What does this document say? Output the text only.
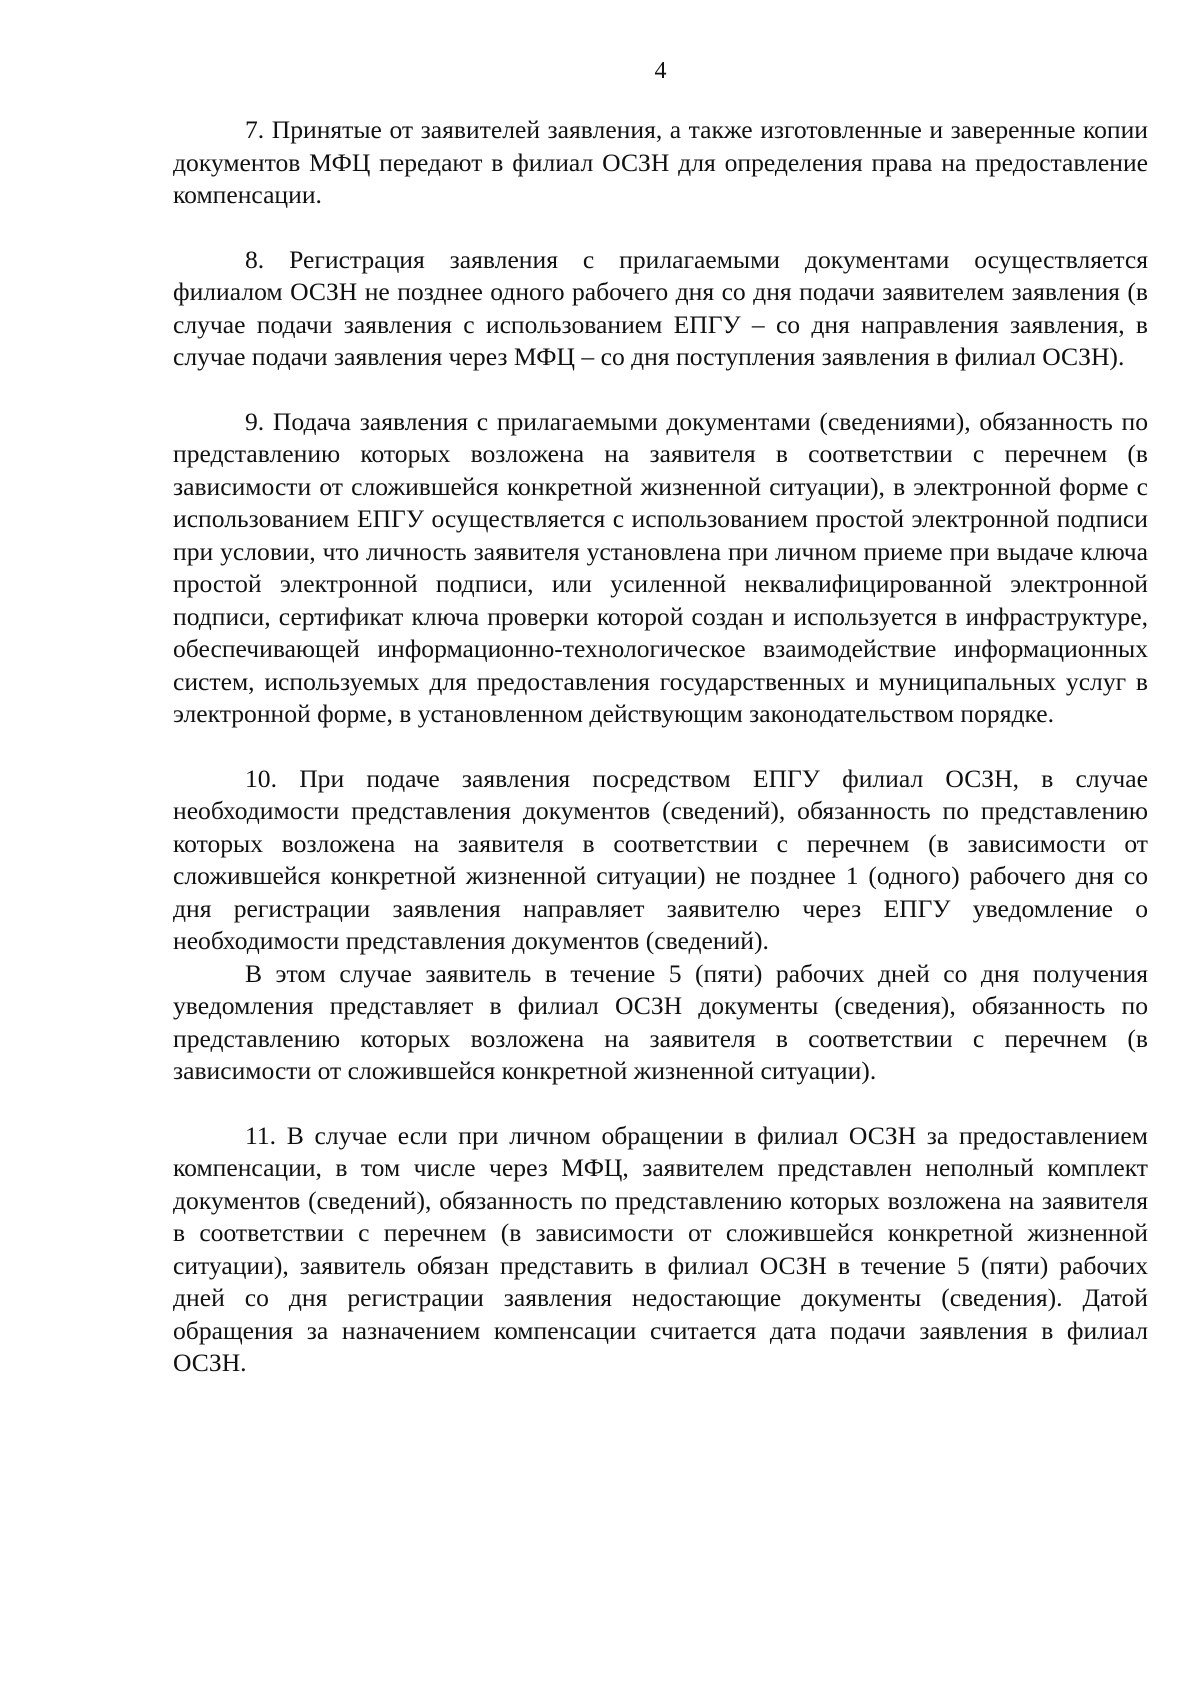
4

7. Принятые от заявителей заявления, а также изготовленные и заверенные копии документов МФЦ передают в филиал ОСЗН для определения права на предоставление компенсации.

8. Регистрация заявления с прилагаемыми документами осуществляется филиалом ОСЗН не позднее одного рабочего дня со дня подачи заявителем заявления (в случае подачи заявления с использованием ЕПГУ – со дня направления заявления, в случае подачи заявления через МФЦ – со дня поступления заявления в филиал ОСЗН).

9. Подача заявления с прилагаемыми документами (сведениями), обязанность по представлению которых возложена на заявителя в соответствии с перечнем (в зависимости от сложившейся конкретной жизненной ситуации), в электронной форме с использованием ЕПГУ осуществляется с использованием простой электронной подписи при условии, что личность заявителя установлена при личном приеме при выдаче ключа простой электронной подписи, или усиленной неквалифицированной электронной подписи, сертификат ключа проверки которой создан и используется в инфраструктуре, обеспечивающей информационно-технологическое взаимодействие информационных систем, используемых для предоставления государственных и муниципальных услуг в электронной форме, в установленном действующим законодательством порядке.

10. При подаче заявления посредством ЕПГУ филиал ОСЗН, в случае необходимости представления документов (сведений), обязанность по представлению которых возложена на заявителя в соответствии с перечнем (в зависимости от сложившейся конкретной жизненной ситуации) не позднее 1 (одного) рабочего дня со дня регистрации заявления направляет заявителю через ЕПГУ уведомление о необходимости представления документов (сведений).

В этом случае заявитель в течение 5 (пяти) рабочих дней со дня получения уведомления представляет в филиал ОСЗН документы (сведения), обязанность по представлению которых возложена на заявителя в соответствии с перечнем (в зависимости от сложившейся конкретной жизненной ситуации).

11. В случае если при личном обращении в филиал ОСЗН за предоставлением компенсации, в том числе через МФЦ, заявителем представлен неполный комплект документов (сведений), обязанность по представлению которых возложена на заявителя в соответствии с перечнем (в зависимости от сложившейся конкретной жизненной ситуации), заявитель обязан представить в филиал ОСЗН в течение 5 (пяти) рабочих дней со дня регистрации заявления недостающие документы (сведения). Датой обращения за назначением компенсации считается дата подачи заявления в филиал ОСЗН.
